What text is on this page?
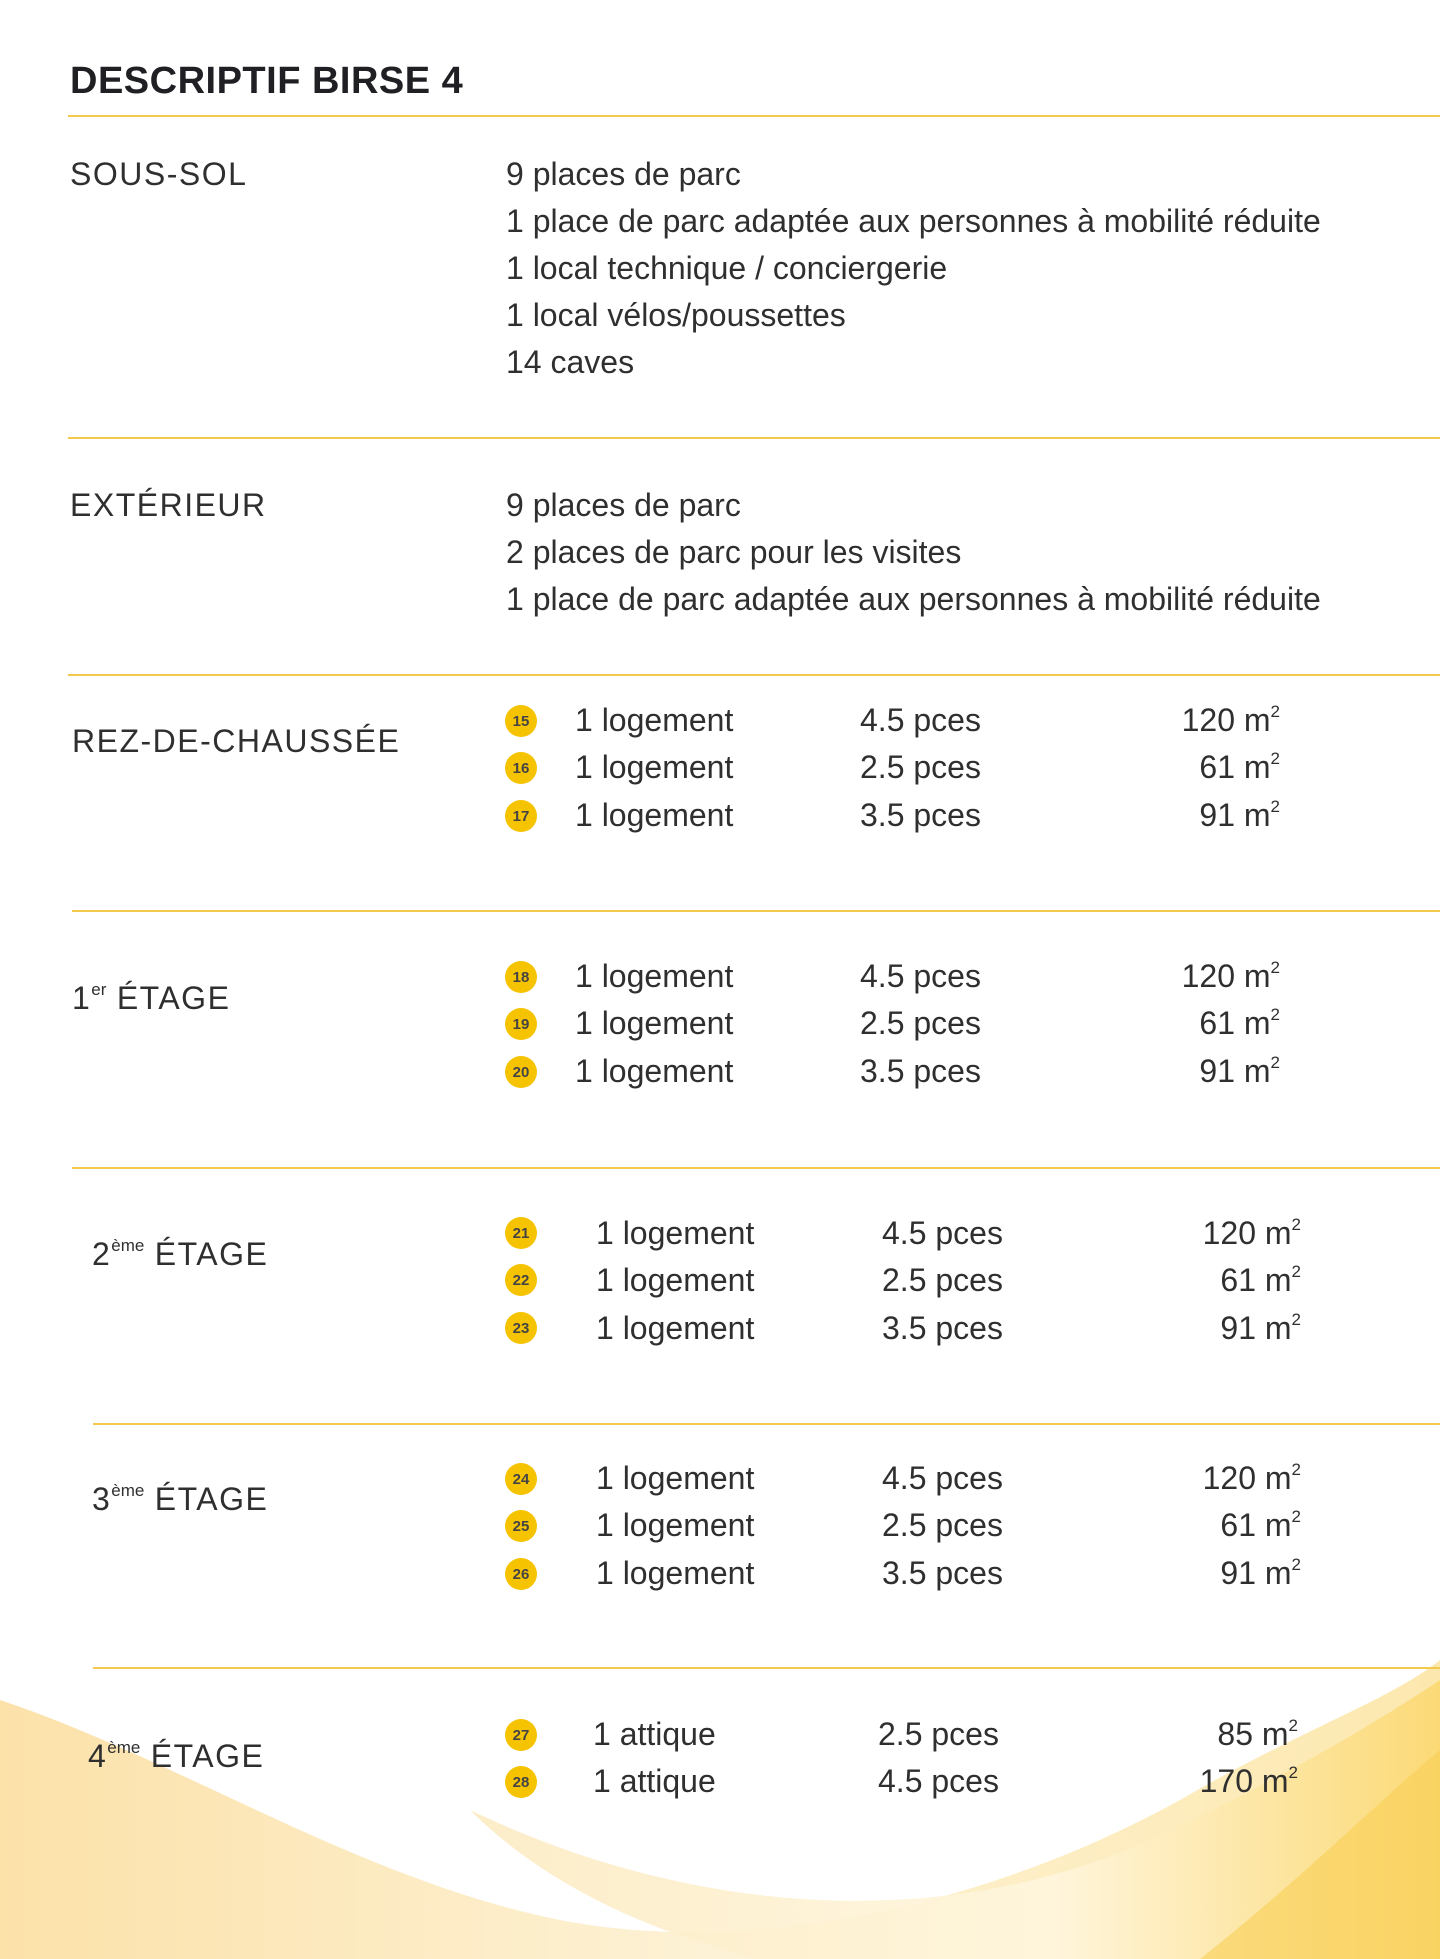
DESCRIPTIF BIRSE 4
SOUS-SOL	9 places de parc
1 place de parc adaptée aux personnes à mobilité réduite
1 local technique / conciergerie
1 local vélos/poussettes
14 caves
EXTÉRIEUR	9 places de parc
2 places de parc pour les visites
1 place de parc adaptée aux personnes à mobilité réduite
REZ-DE-CHAUSSÉE
15 1 logement	4.5 pces	120 $m^2$
16 1 logement	2.5 pces	61 $m^2$
17 1 logement	3.5 pces	91 $m^2$
1er ÉTAGE
18 1 logement	4.5 pces	120 $m^2$
19 1 logement	2.5 pces	61 $m^2$
20 1 logement	3.5 pces	91 $m^2$
2ème ÉTAGE
21 1 logement	4.5 pces	120 $m^2$
22 1 logement	2.5 pces	61 $m^2$
23 1 logement	3.5 pces	91 $m^2$
3ème ÉTAGE
24 1 logement	4.5 pces	120 $m^2$
25 1 logement	2.5 pces	61 $m^2$
26 1 logement	3.5 pces	91 $m^2$
4ème ÉTAGE
27 1 attique	2.5 pces	85 $m^2$
28 1 attique	4.5 pces	170 $m^2$
